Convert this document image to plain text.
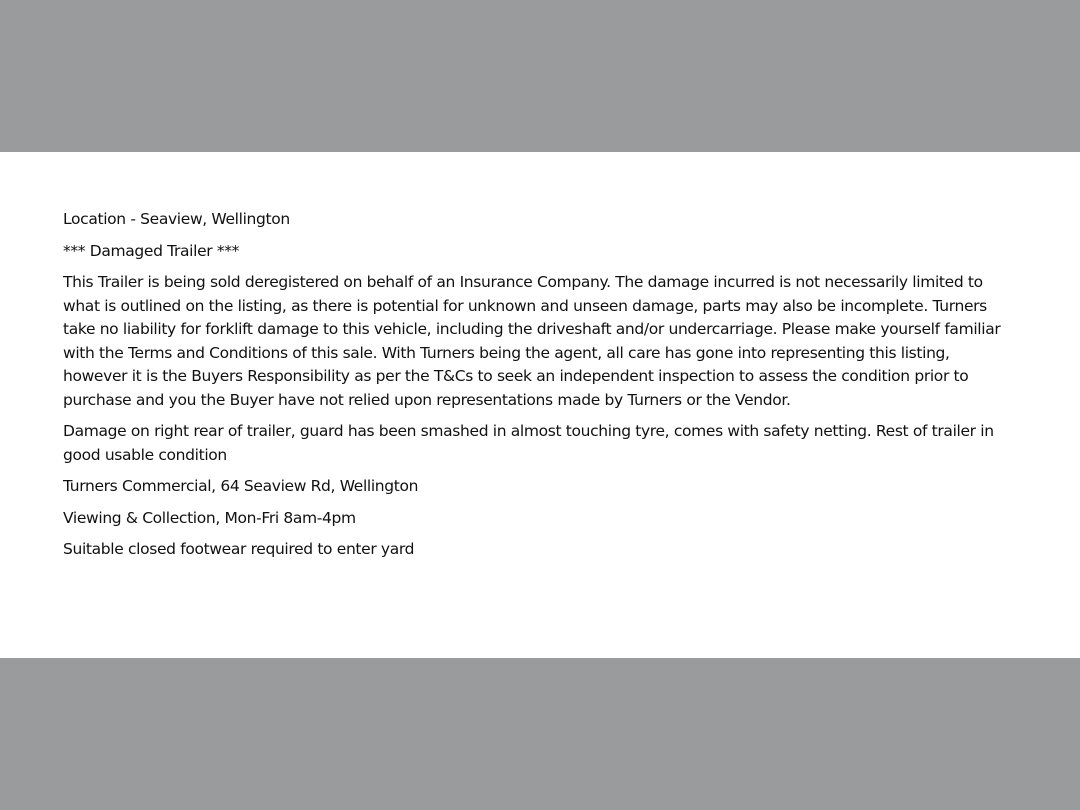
Location - Seaview, Wellington

*** Damaged Trailer ***

This Trailer is being sold deregistered on behalf of an Insurance Company. The damage incurred is not necessarily limited to what is outlined on the listing, as there is potential for unknown and unseen damage, parts may also be incomplete. Turners take no liability for forklift damage to this vehicle, including the driveshaft and/or undercarriage. Please make yourself familiar with the Terms and Conditions of this sale. With Turners being the agent, all care has gone into representing this listing, however it is the Buyers Responsibility as per the T&Cs to seek an independent inspection to assess the condition prior to purchase and you the Buyer have not relied upon representations made by Turners or the Vendor.

Damage on right rear of trailer, guard has been smashed in almost touching tyre, comes with safety netting. Rest of trailer in good usable condition

Turners Commercial, 64 Seaview Rd, Wellington

Viewing & Collection, Mon-Fri 8am-4pm

Suitable closed footwear required to enter yard
